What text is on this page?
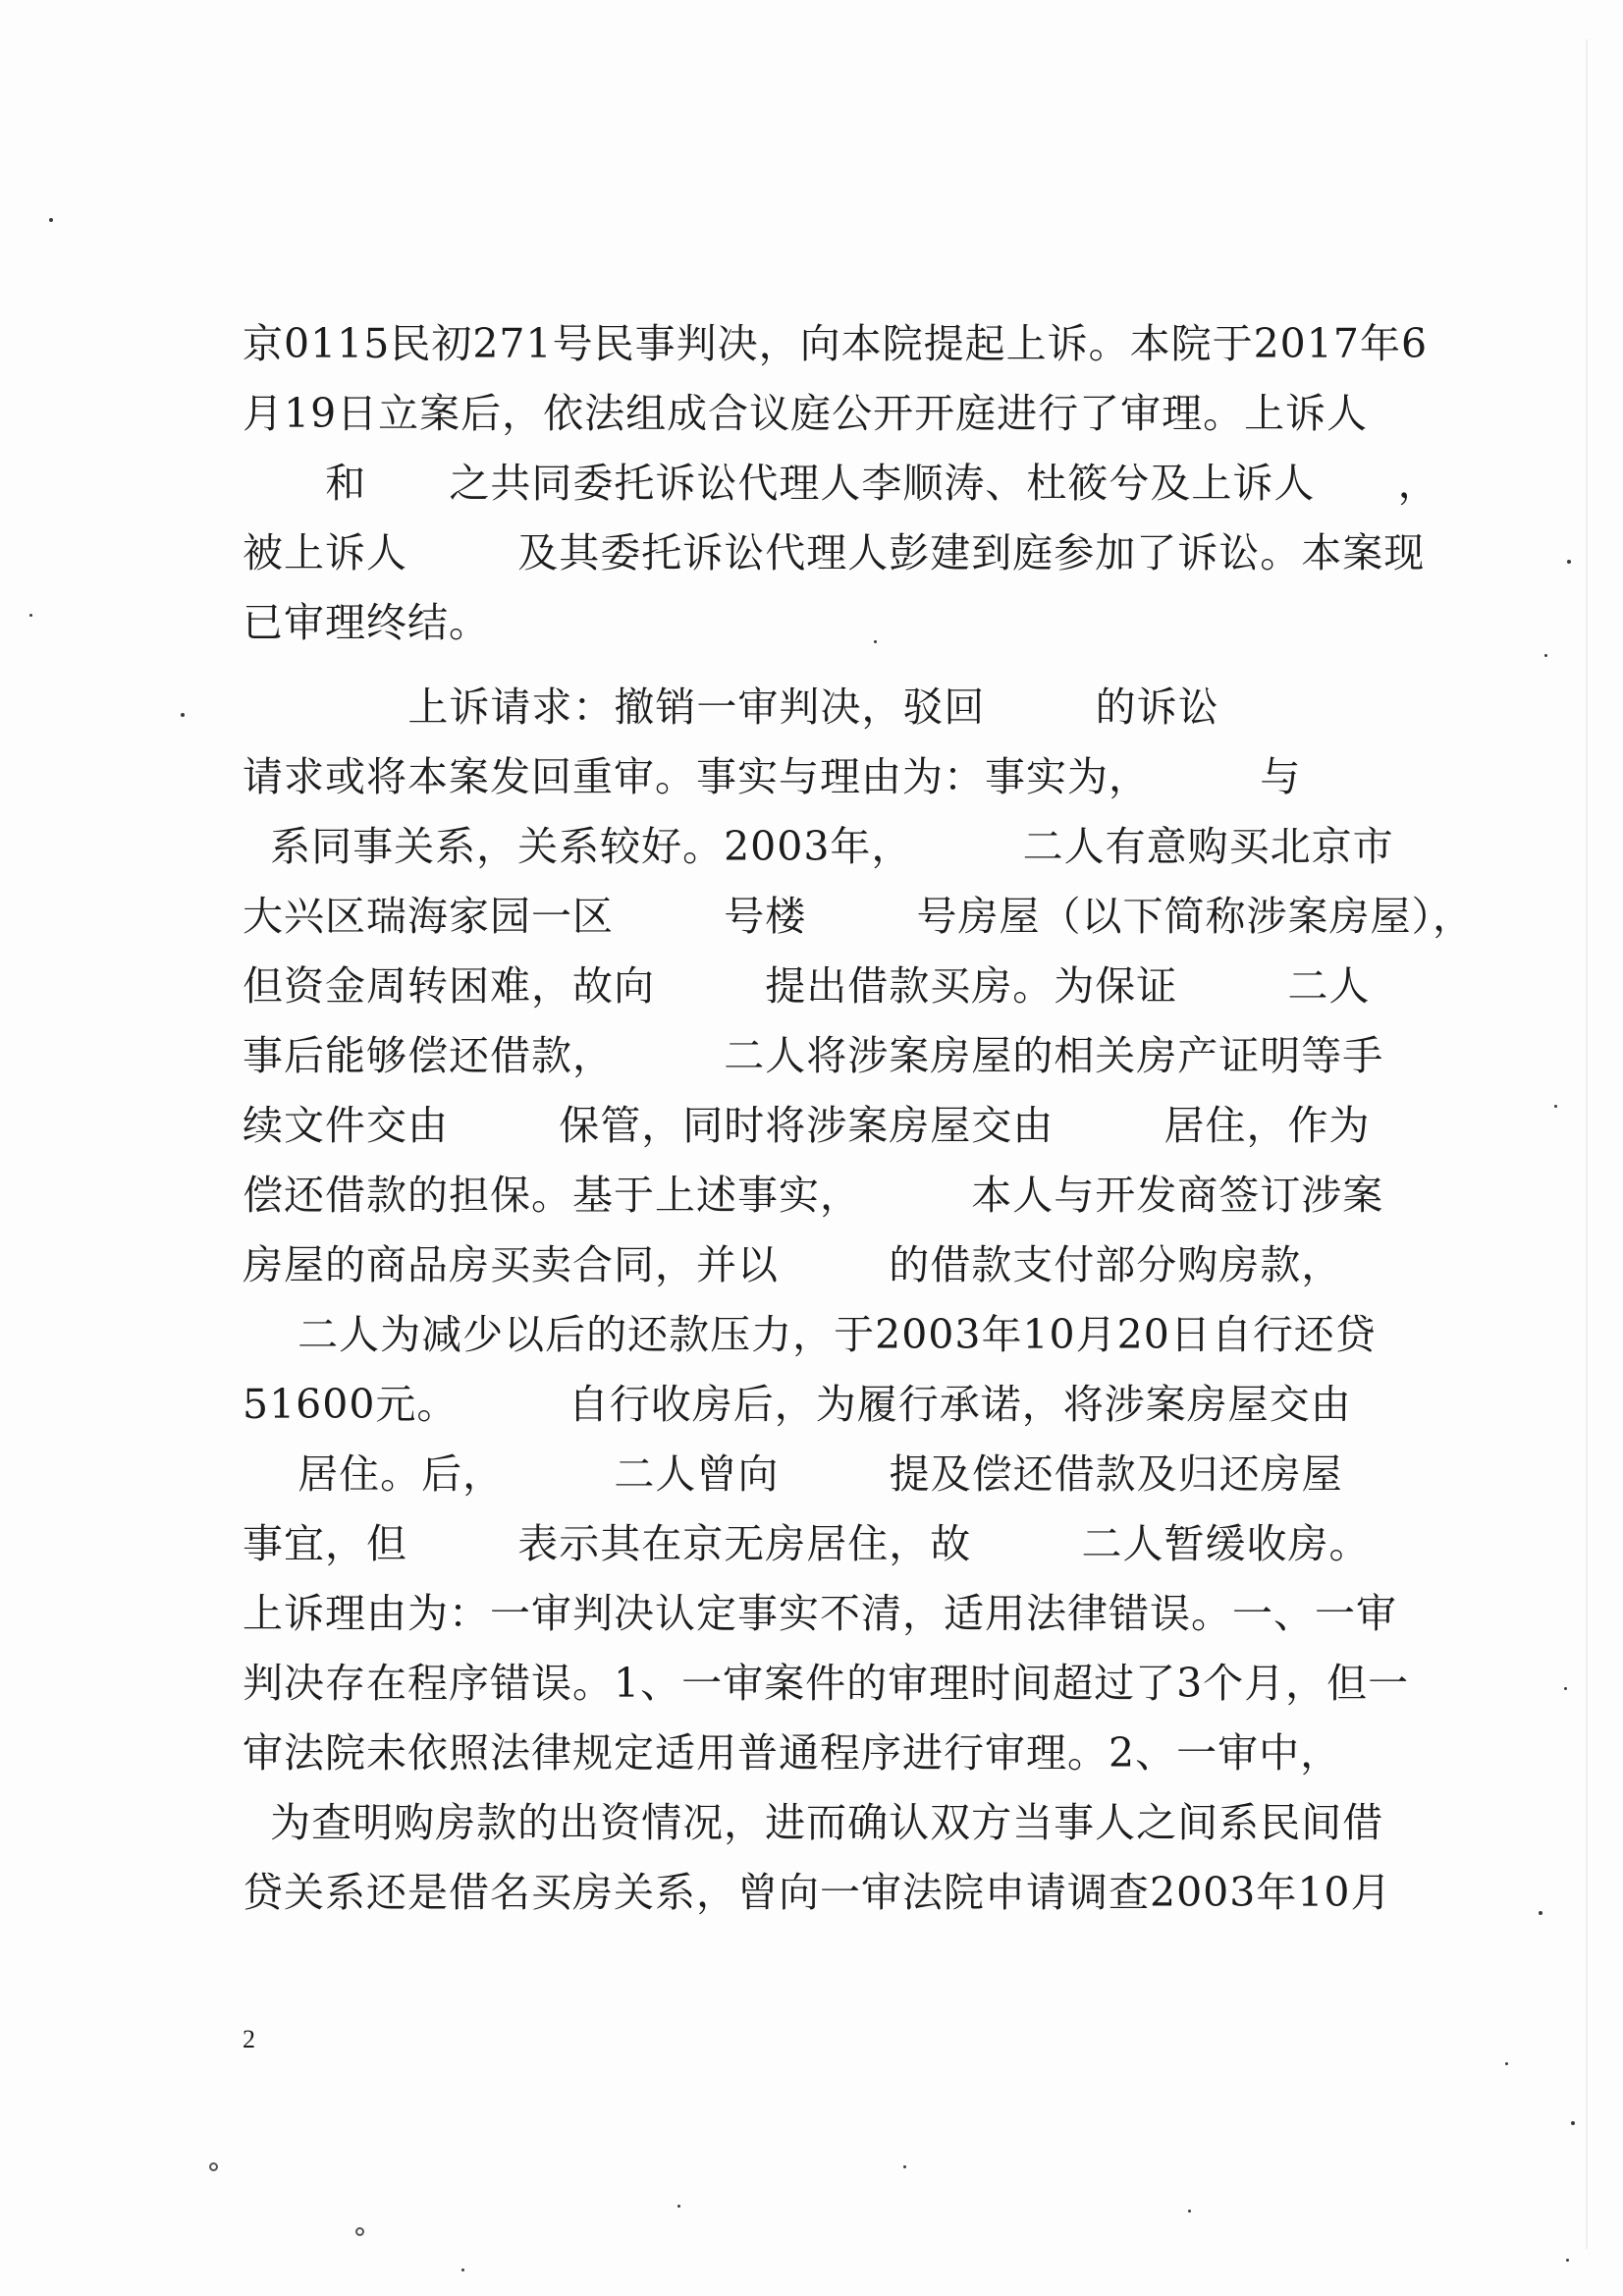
京0115民初271号民事判决，向本院提起上诉。本院于2017年6
月19日立案后，依法组成合议庭公开开庭进行了审理。上诉人
和      之共同委托诉讼代理人李顺涛、杜筱兮及上诉人      ，
被上诉人        及其委托诉讼代理人彭建到庭参加了诉讼。本案现
已审理终结。
上诉请求：撤销一审判决，驳回        的诉讼
请求或将本案发回重审。事实与理由为：事实为，        与
系同事关系，关系较好。2003年，        二人有意购买北京市
大兴区瑞海家园一区        号楼        号房屋（以下简称涉案房屋），
但资金周转困难，故向        提出借款买房。为保证        二人
事后能够偿还借款，        二人将涉案房屋的相关房产证明等手
续文件交由        保管，同时将涉案房屋交由        居住，作为
偿还借款的担保。基于上述事实，        本人与开发商签订涉案
房屋的商品房买卖合同，并以        的借款支付部分购房款，
二人为减少以后的还款压力，于2003年10月20日自行还贷
51600元。        自行收房后，为履行承诺，将涉案房屋交由
居住。后，        二人曾向        提及偿还借款及归还房屋
事宜，但        表示其在京无房居住，故        二人暂缓收房。
上诉理由为：一审判决认定事实不清，适用法律错误。一、一审
判决存在程序错误。1、一审案件的审理时间超过了3个月，但一
审法院未依照法律规定适用普通程序进行审理。2、一审中，
为查明购房款的出资情况，进而确认双方当事人之间系民间借
贷关系还是借名买房关系，曾向一审法院申请调查2003年10月
2
